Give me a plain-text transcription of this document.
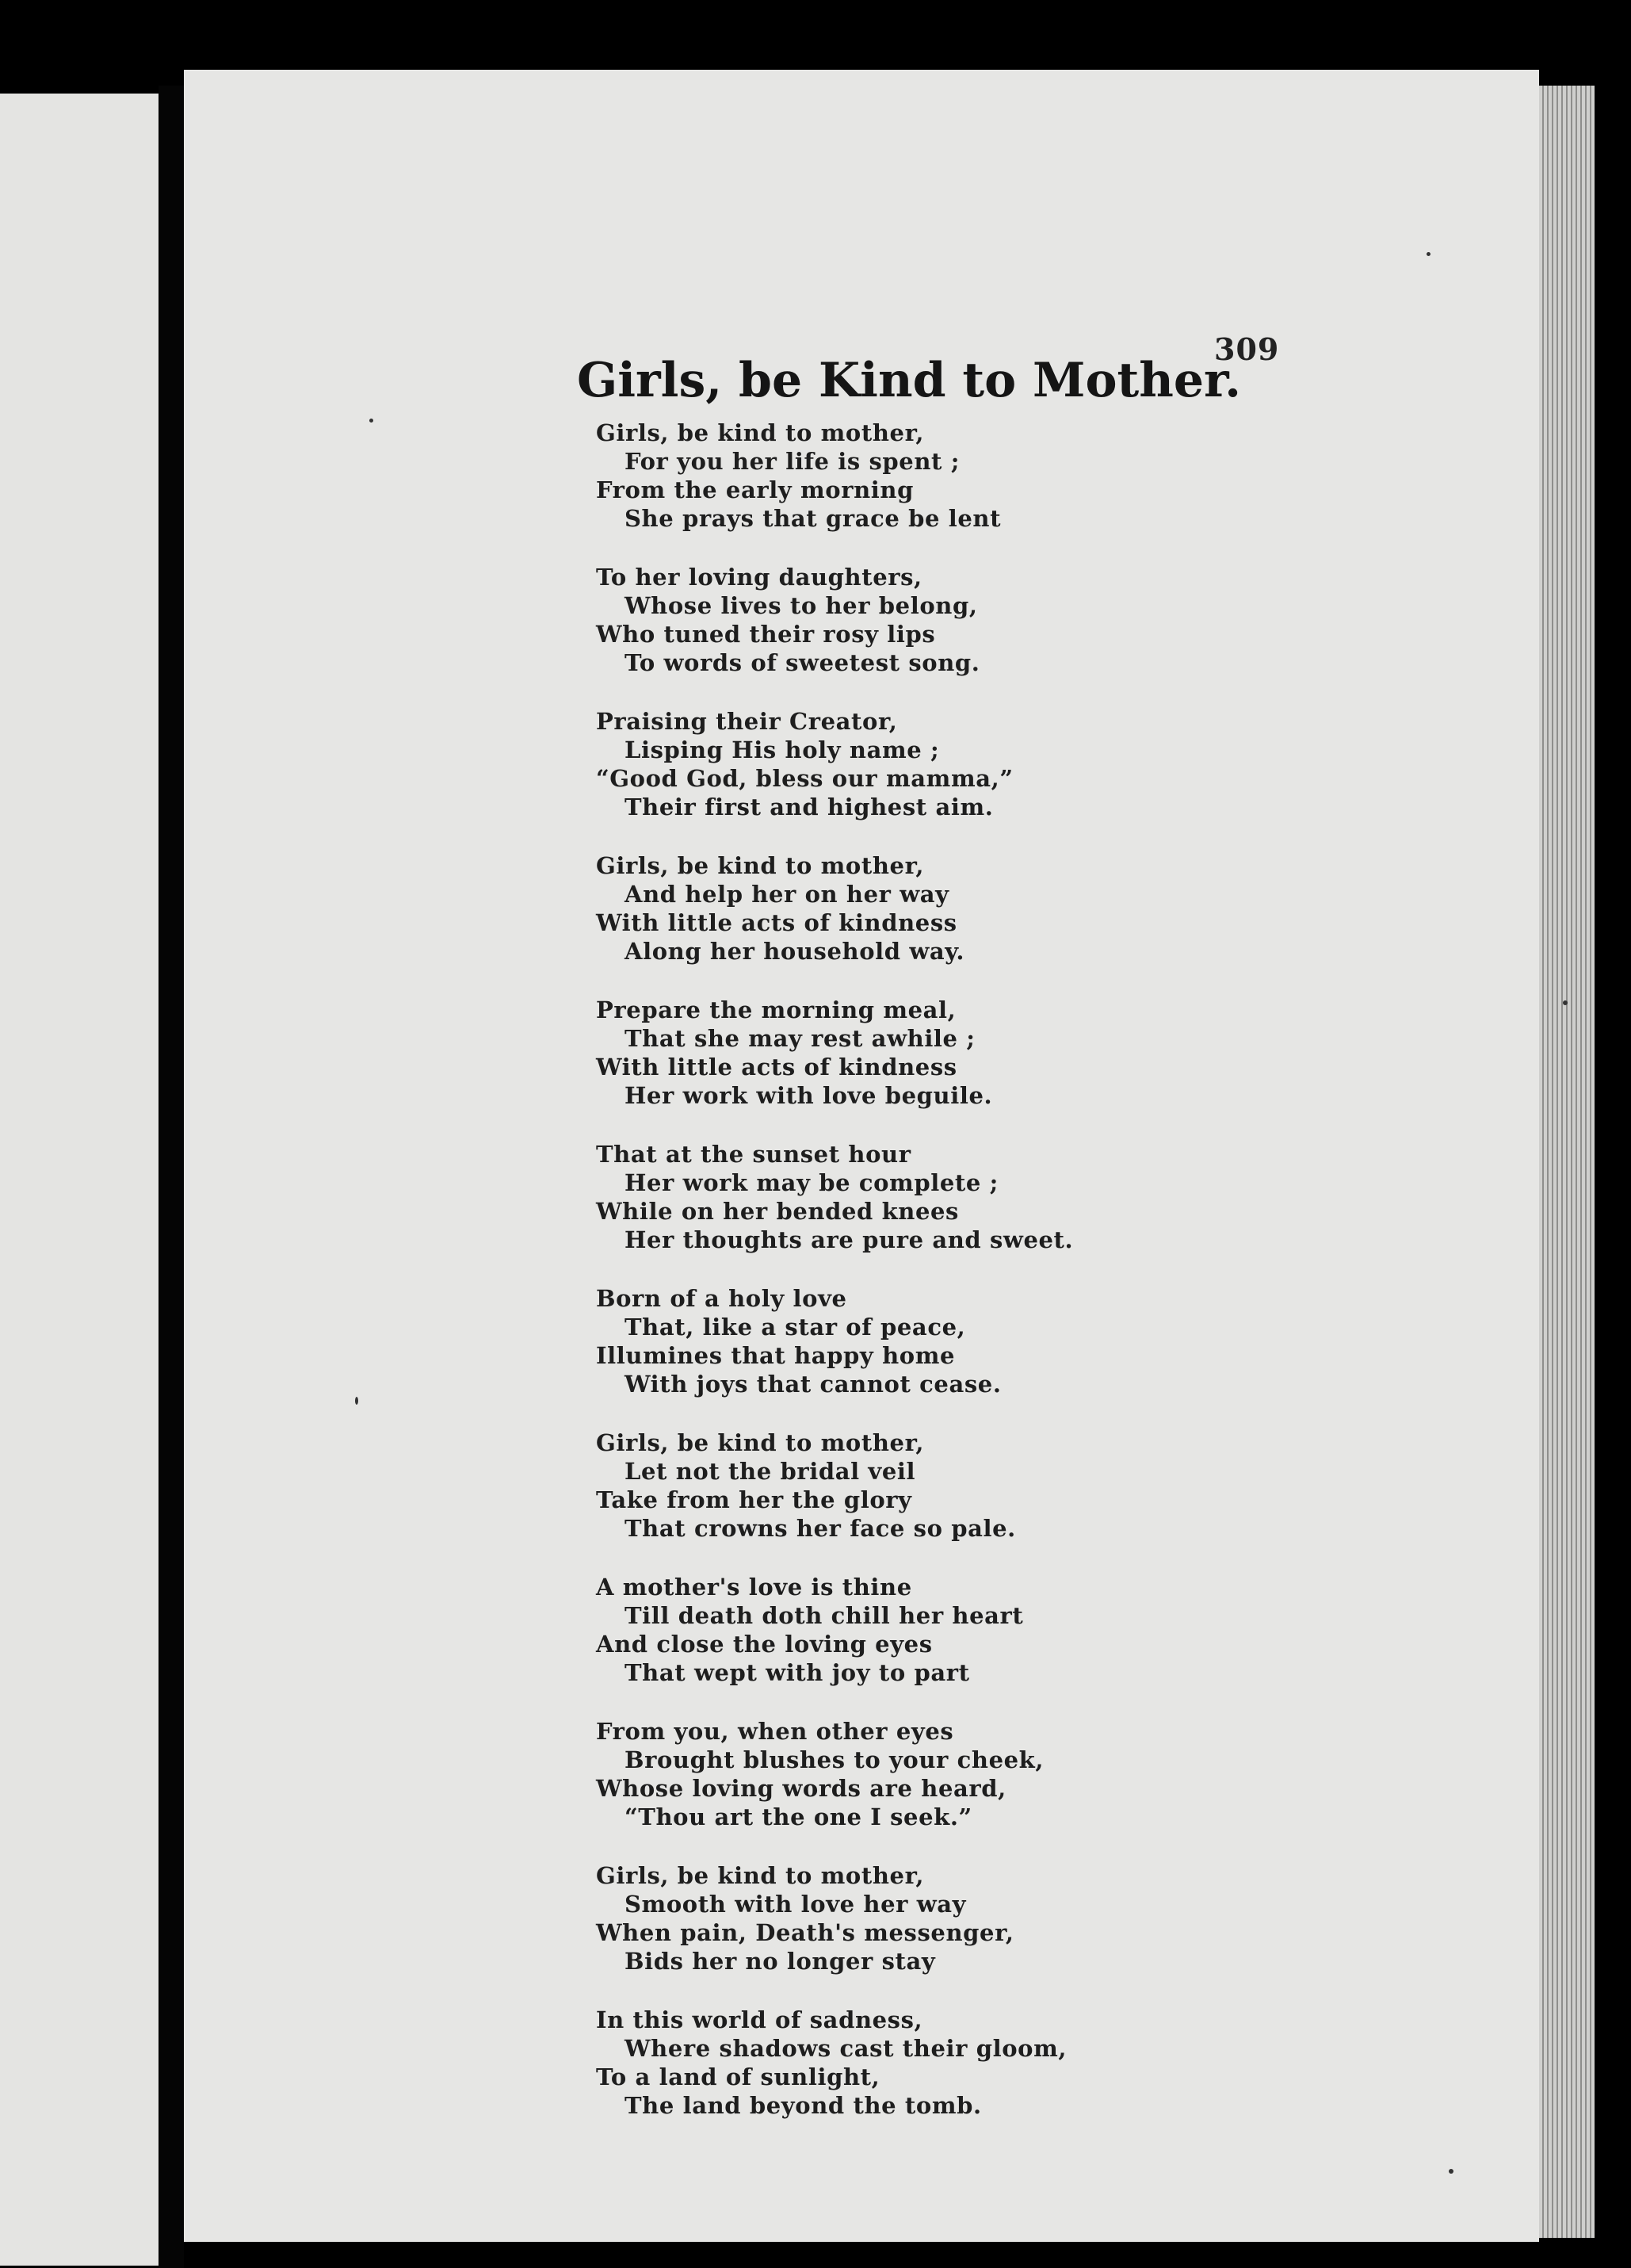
309
Girls, be Kind to Mother.
Girls, be kind to mother,
For you her life is spent ;
From the early morning
She prays that grace be lent
To her loving daughters,
Whose lives to her belong,
Who tuned their rosy lips
To words of sweetest song.
Praising their Creator,
Lisping His holy name ;
“Good God, bless our mamma,”
Their first and highest aim.
Girls, be kind to mother,
And help her on her way
With little acts of kindness
Along her household way.
Prepare the morning meal,
That she may rest awhile ;
With little acts of kindness
Her work with love beguile.
That at the sunset hour
Her work may be complete ;
While on her bended knees
Her thoughts are pure and sweet.
Born of a holy love
That, like a star of peace,
Illumines that happy home
With joys that cannot cease.
Girls, be kind to mother,
Let not the bridal veil
Take from her the glory
That crowns her face so pale.
A mother's love is thine
Till death doth chill her heart
And close the loving eyes
That wept with joy to part
From you, when other eyes
Brought blushes to your cheek,
Whose loving words are heard,
“Thou art the one I seek.”
Girls, be kind to mother,
Smooth with love her way
When pain, Death's messenger,
Bids her no longer stay
In this world of sadness,
Where shadows cast their gloom,
To a land of sunlight,
The land beyond the tomb.
